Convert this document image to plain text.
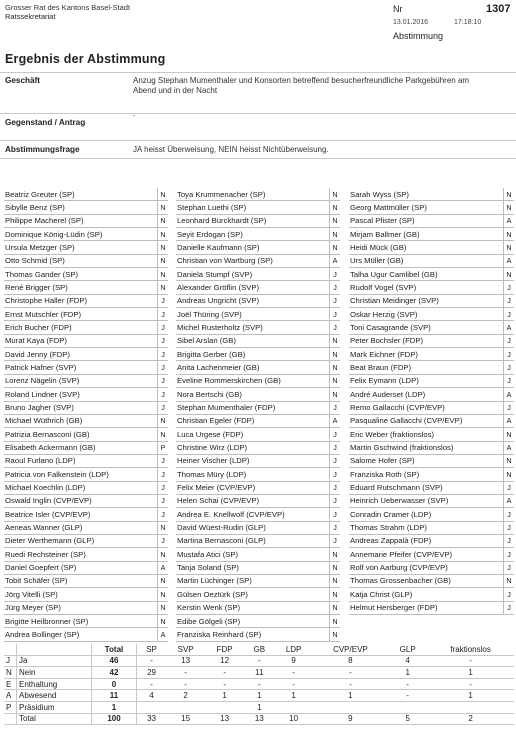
Grosser Rat des Kantons Basel-Stadt
Ratssekretariat
Nr	1307
13.01.2016	17:18:10
Abstimmung
Ergebnis der Abstimmung
Geschäft	Anzug Stephan Mumenthaler und Konsorten betreffend besucherfreundliche Parkgebühren am
Abend und in der Nacht
Gegenstand / Antrag
-
Abstimmungsfrage	JA heisst Überweisung, NEIN heisst Nichtüberweisung.
Beatriz Greuter (SP)	N
Sibylle Benz (SP)	N
Philippe Macherel (SP)	N
Dominique König-Lüdin (SP)	N
Ursula Metzger (SP)	N
Otto Schmid (SP)	N
Thomas Gander (SP)	N
René Brigger (SP)	N
Christophe Haller (FDP)	J
Ernst Mutschler (FDP)	J
Erich Bucher (FDP)	J
Murat Kaya (FDP)	J
David Jenny (FDP)	J
Patrick Hafner (SVP)	J
Lorenz Nägelin (SVP)	J
Roland Lindner (SVP)	J
Bruno Jagher (SVP)	J
Michael Wüthrich (GB)	N
Patrizia Bernasconi (GB)	N
Elisabeth Ackermann (GB)	P
Raoul Furlano (LDP)	J
Patricia von Falkenstein (LDP)	J
Michael Koechlin (LDP)	J
Oswald Inglin (CVP/EVP)	J
Beatrice Isler (CVP/EVP)	J
Aeneas Wanner (GLP)	N
Dieter Werthemann (GLP)	J
Ruedi Rechsteiner (SP)	N
Daniel Goepfert (SP)	A
Tobit Schäfer (SP)	N
Jörg Vitelli (SP)	N
Jürg Meyer (SP)	N
Brigitte Heilbronner (SP)	N
Andrea Bollinger (SP)	A
Toya Krummenacher (SP)	N
Stephan Luethi (SP)	N
Leonhard Burckhardt (SP)	N
Seyit Erdogan (SP)	N
Danielle Kaufmann (SP)	N
Christian von Wartburg (SP)	A
Daniela Stumpf (SVP)	J
Alexander Gröflin (SVP)	J
Andreas Ungricht (SVP)	J
Joël Thüring (SVP)	J
Michel Rusterholtz (SVP)	J
Sibel Arslan (GB)	N
Brigitta Gerber (GB)	N
Anita Lachenmeier (GB)	N
Eveline Rommerskirchen (GB)	N
Nora Bertschi (GB)	N
Stephan Mumenthaler (FDP)	J
Christian Egeler (FDP)	A
Luca Urgese (FDP)	J
Christine Wirz (LDP)	J
Heiner Vischer (LDP)	J
Thomas Müry (LDP)	J
Felix Meier (CVP/EVP)	J
Helen Schai (CVP/EVP)	J
Andrea E. Knellwolf (CVP/EVP)	J
David Wüest-Rudin (GLP)	J
Martina Bernasconi (GLP)	J
Mustafa Atici (SP)	N
Tanja Soland (SP)	N
Martin Lüchinger (SP)	N
Gülsen Oeztürk (SP)	N
Kerstin Wenk (SP)	N
Edibe Gölgeli (SP)	N
Franziska Reinhard (SP)	N
Sarah Wyss (SP)	N
Georg Mattmüller (SP)	N
Pascal Pfister (SP)	A
Mirjam Ballmer (GB)	N
Heidi Mück (GB)	N
Urs Müller (GB)	A
Talha Ugur Camlibel (GB)	N
Rudolf Vogel (SVP)	J
Christian Meidinger (SVP)	J
Oskar Herzig (SVP)	J
Toni Casagrande (SVP)	A
Peter Bochsler (FDP)	J
Mark Eichner (FDP)	J
Beat Braun (FDP)	J
Felix Eymann (LDP)	J
André Auderset (LDP)	A
Remo Gallacchi (CVP/EVP)	J
Pasqualine Gallacchi (CVP/EVP)	A
Eric Weber (fraktionslos)	N
Martin Gschwind (fraktionslos)	A
Salome Hofer (SP)	N
Franziska Roth (SP)	N
Eduard Rutschmann (SVP)	J
Heinrich Ueberwasser (SVP)	A
Conradin Cramer (LDP)	J
Thomas Strahm (LDP)	J
Andreas Zappalà (FDP)	J
Annemarie Pfeifer (CVP/EVP)	J
Rolf von Aarburg (CVP/EVP)	J
Thomas Grossenbacher (GB)	N
Katja Christ (GLP)	J
Helmut Hersberger (FDP)	J
		Total	SP	SVP	FDP	GB	LDP	CVP/EVP	GLP	fraktionslos
J	Ja	46	-	13	12	-	9	8	4	-
N	Nein	42	29	-	-	11	-	-	1	1
E	Enthaltung	0	-	-	-	-	-	-	-	-
A	Abwesend	11	4	2	1	1	1	1	-	1
P	Präsidium	1				1				
	Total	100	33	15	13	13	10	9	5	2
